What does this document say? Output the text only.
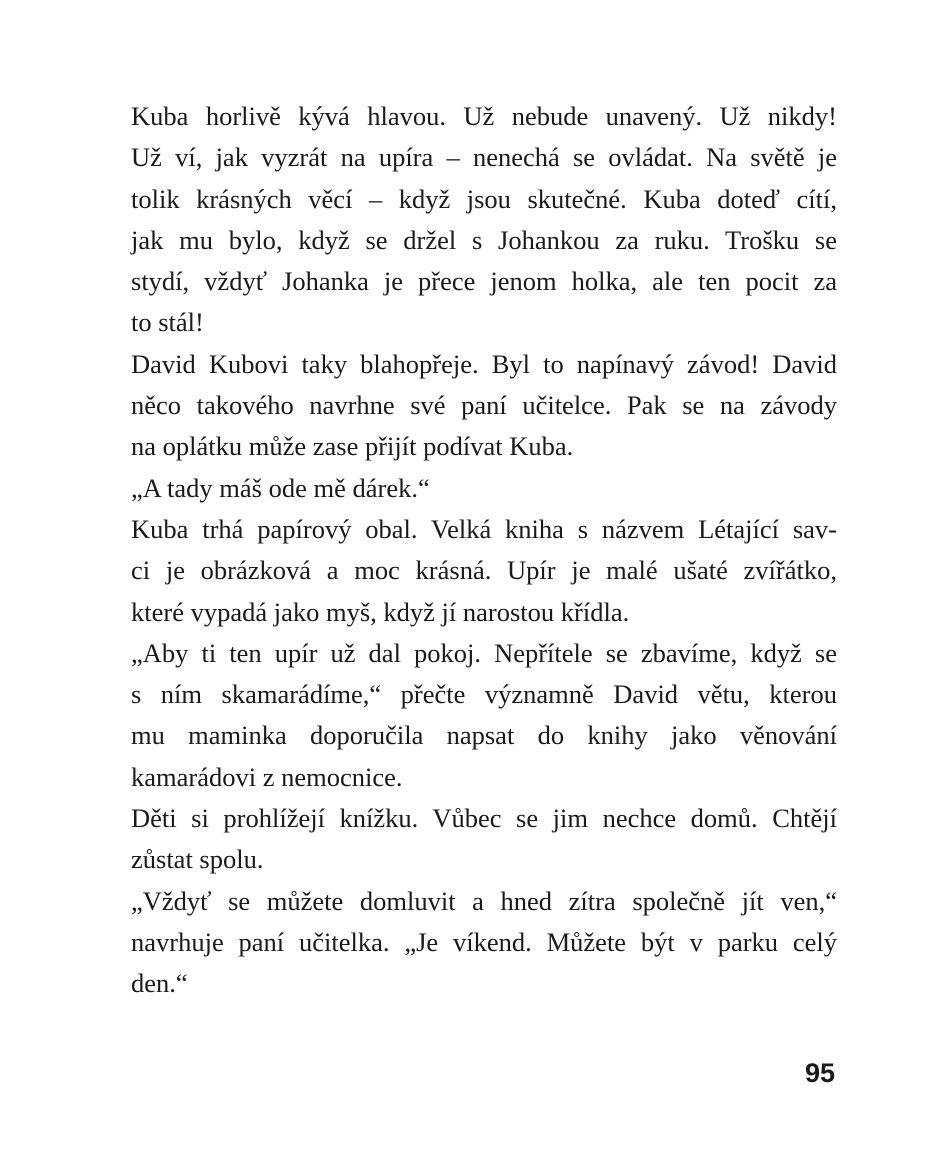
Kuba horlivě kývá hlavou. Už nebude unavený. Už nikdy!
Už ví, jak vyzrát na upíra – nenechá se ovládat. Na světě je
tolik krásných věcí – když jsou skutečné. Kuba doteď cítí,
jak mu bylo, když se držel s Johankou za ruku. Trošku se
stydí, vždyť Johanka je přece jenom holka, ale ten pocit za
to stál!
David Kubovi taky blahopřeje. Byl to napínavý závod! David
něco takového navrhne své paní učitelce. Pak se na závody
na oplátku může zase přijít podívat Kuba.
„A tady máš ode mě dárek.“
Kuba trhá papírový obal. Velká kniha s názvem Létající sav-
ci je obrázková a moc krásná. Upír je malé ušaté zvířátko,
které vypadá jako myš, když jí narostou křídla.
„Aby ti ten upír už dal pokoj. Nepřítele se zbavíme, když se
s ním skamarádíme,“ přečte významně David větu, kterou
mu maminka doporučila napsat do knihy jako věnování
kamarádovi z nemocnice.
Děti si prohlížejí knížku. Vůbec se jim nechce domů. Chtějí
zůstat spolu.
„Vždyť se můžete domluvit a hned zítra společně jít ven,“
navrhuje paní učitelka. „Je víkend. Můžete být v parku celý
den.“
95
